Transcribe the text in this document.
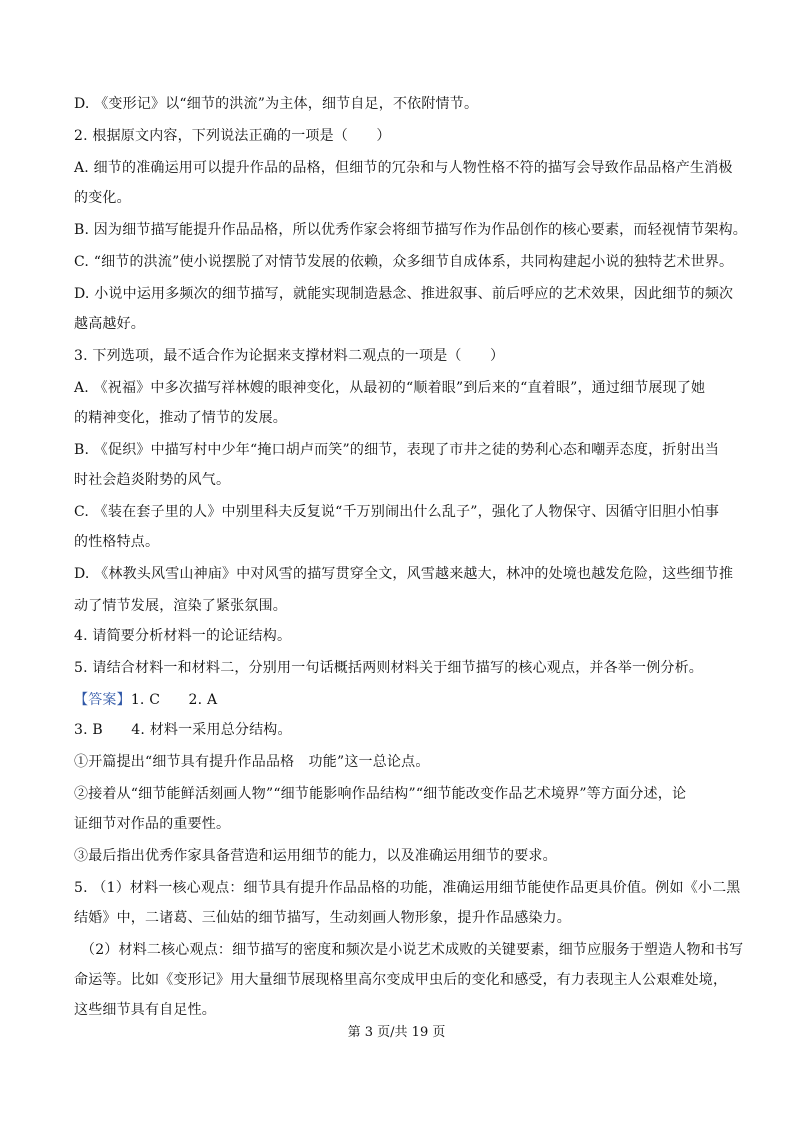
D. 《变形记》以“细节的洪流”为主体，细节自足，不依附情节。
2. 根据原文内容，下列说法正确的一项是（　　）
A. 细节的准确运用可以提升作品的品格，但细节的冗杂和与人物性格不符的描写会导致作品品格产生消极
的变化。
B. 因为细节描写能提升作品品格，所以优秀作家会将细节描写作为作品创作的核心要素，而轻视情节架构。
C. “细节的洪流”使小说摆脱了对情节发展的依赖，众多细节自成体系，共同构建起小说的独特艺术世界。
D. 小说中运用多频次的细节描写，就能实现制造悬念、推进叙事、前后呼应的艺术效果，因此细节的频次
越高越好。
3. 下列选项，最不适合作为论据来支撑材料二观点的一项是（　　）
A. 《祝福》中多次描写祥林嫂的眼神变化，从最初的“顺着眼”到后来的“直着眼”，通过细节展现了她
的精神变化，推动了情节的发展。
B. 《促织》中描写村中少年“掩口胡卢而笑”的细节，表现了市井之徒的势利心态和嘲弄态度，折射出当
时社会趋炎附势的风气。
C. 《装在套子里的人》中别里科夫反复说“千万别闹出什么乱子”，强化了人物保守、因循守旧胆小怕事
的性格特点。
D. 《林教头风雪山神庙》中对风雪的描写贯穿全文，风雪越来越大，林冲的处境也越发危险，这些细节推
动了情节发展，渲染了紧张氛围。
4. 请简要分析材料一的论证结构。
5. 请结合材料一和材料二，分别用一句话概括两则材料关于细节描写的核心观点，并各举一例分析。
【答案】1. C　　2. A
3. B　　4. 材料一采用总分结构。
①开篇提出“细节具有提升作品品格　功能”这一总论点。
②接着从“细节能鲜活刻画人物”“细节能影响作品结构”“细节能改变作品艺术境界”等方面分述，论
证细节对作品的重要性。
③最后指出优秀作家具备营造和运用细节的能力，以及准确运用细节的要求。
5. （1）材料一核心观点：细节具有提升作品品格的功能，准确运用细节能使作品更具价值。例如《小二黑
结婚》中，二诸葛、三仙姑的细节描写，生动刻画人物形象，提升作品感染力。
（2）材料二核心观点：细节描写的密度和频次是小说艺术成败的关键要素，细节应服务于塑造人物和书写
命运等。比如《变形记》用大量细节展现格里高尔变成甲虫后的变化和感受，有力表现主人公艰难处境，
这些细节具有自足性。
第 3 页/共 19 页
